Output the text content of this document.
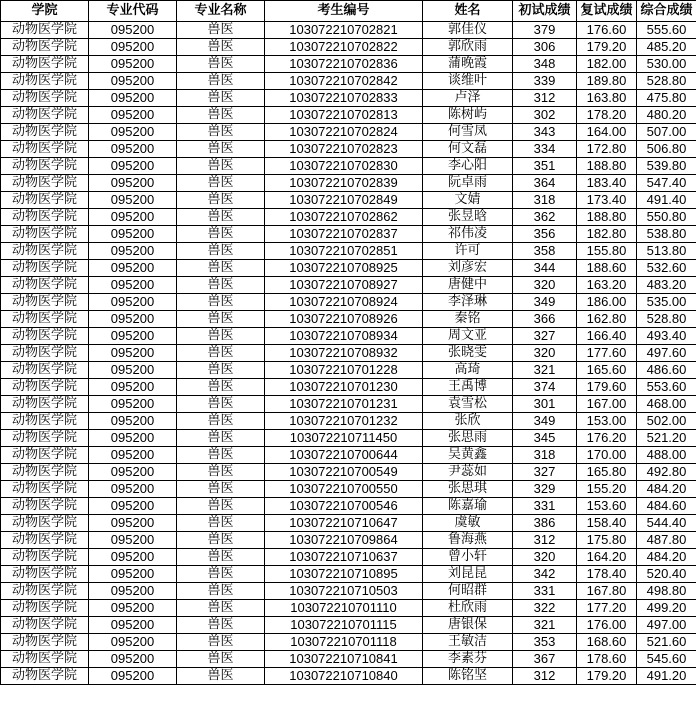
学院	专业代码	专业名称	考生编号	姓名	初试成绩	复试成绩	综合成绩
动物医学院	095200	兽医	103072210702821	郭佳仪	379	176.60	555.60
动物医学院	095200	兽医	103072210702822	郭欣雨	306	179.20	485.20
动物医学院	095200	兽医	103072210702836	蒲晚霞	348	182.00	530.00
动物医学院	095200	兽医	103072210702842	谈维叶	339	189.80	528.80
动物医学院	095200	兽医	103072210702833	卢泽	312	163.80	475.80
动物医学院	095200	兽医	103072210702813	陈树屿	302	178.20	480.20
动物医学院	095200	兽医	103072210702824	何雪凤	343	164.00	507.00
动物医学院	095200	兽医	103072210702823	何文磊	334	172.80	506.80
动物医学院	095200	兽医	103072210702830	李心阳	351	188.80	539.80
动物医学院	095200	兽医	103072210702839	阮卓雨	364	183.40	547.40
动物医学院	095200	兽医	103072210702849	文婧	318	173.40	491.40
动物医学院	095200	兽医	103072210702862	张昱晗	362	188.80	550.80
动物医学院	095200	兽医	103072210702837	祁伟凌	356	182.80	538.80
动物医学院	095200	兽医	103072210702851	许可	358	155.80	513.80
动物医学院	095200	兽医	103072210708925	刘彦宏	344	188.60	532.60
动物医学院	095200	兽医	103072210708927	唐健中	320	163.20	483.20
动物医学院	095200	兽医	103072210708924	李泽琳	349	186.00	535.00
动物医学院	095200	兽医	103072210708926	秦铭	366	162.80	528.80
动物医学院	095200	兽医	103072210708934	周文亚	327	166.40	493.40
动物医学院	095200	兽医	103072210708932	张晓雯	320	177.60	497.60
动物医学院	095200	兽医	103072210701228	高琦	321	165.60	486.60
动物医学院	095200	兽医	103072210701230	王禹博	374	179.60	553.60
动物医学院	095200	兽医	103072210701231	袁雪松	301	167.00	468.00
动物医学院	095200	兽医	103072210701232	张欣	349	153.00	502.00
动物医学院	095200	兽医	103072210711450	张思雨	345	176.20	521.20
动物医学院	095200	兽医	103072210700644	吴黄鑫	318	170.00	488.00
动物医学院	095200	兽医	103072210700549	尹蕊如	327	165.80	492.80
动物医学院	095200	兽医	103072210700550	张思琪	329	155.20	484.20
动物医学院	095200	兽医	103072210700546	陈嘉瑜	331	153.60	484.60
动物医学院	095200	兽医	103072210710647	虞敏	386	158.40	544.40
动物医学院	095200	兽医	103072210709864	鲁海燕	312	175.80	487.80
动物医学院	095200	兽医	103072210710637	曾小轩	320	164.20	484.20
动物医学院	095200	兽医	103072210710895	刘昆昆	342	178.40	520.40
动物医学院	095200	兽医	103072210710503	何昭群	331	167.80	498.80
动物医学院	095200	兽医	103072210701110	杜欣雨	322	177.20	499.20
动物医学院	095200	兽医	103072210701115	唐银保	321	176.00	497.00
动物医学院	095200	兽医	103072210701118	王敏洁	353	168.60	521.60
动物医学院	095200	兽医	103072210710841	李素芬	367	178.60	545.60
动物医学院	095200	兽医	103072210710840	陈铭坚	312	179.20	491.20
